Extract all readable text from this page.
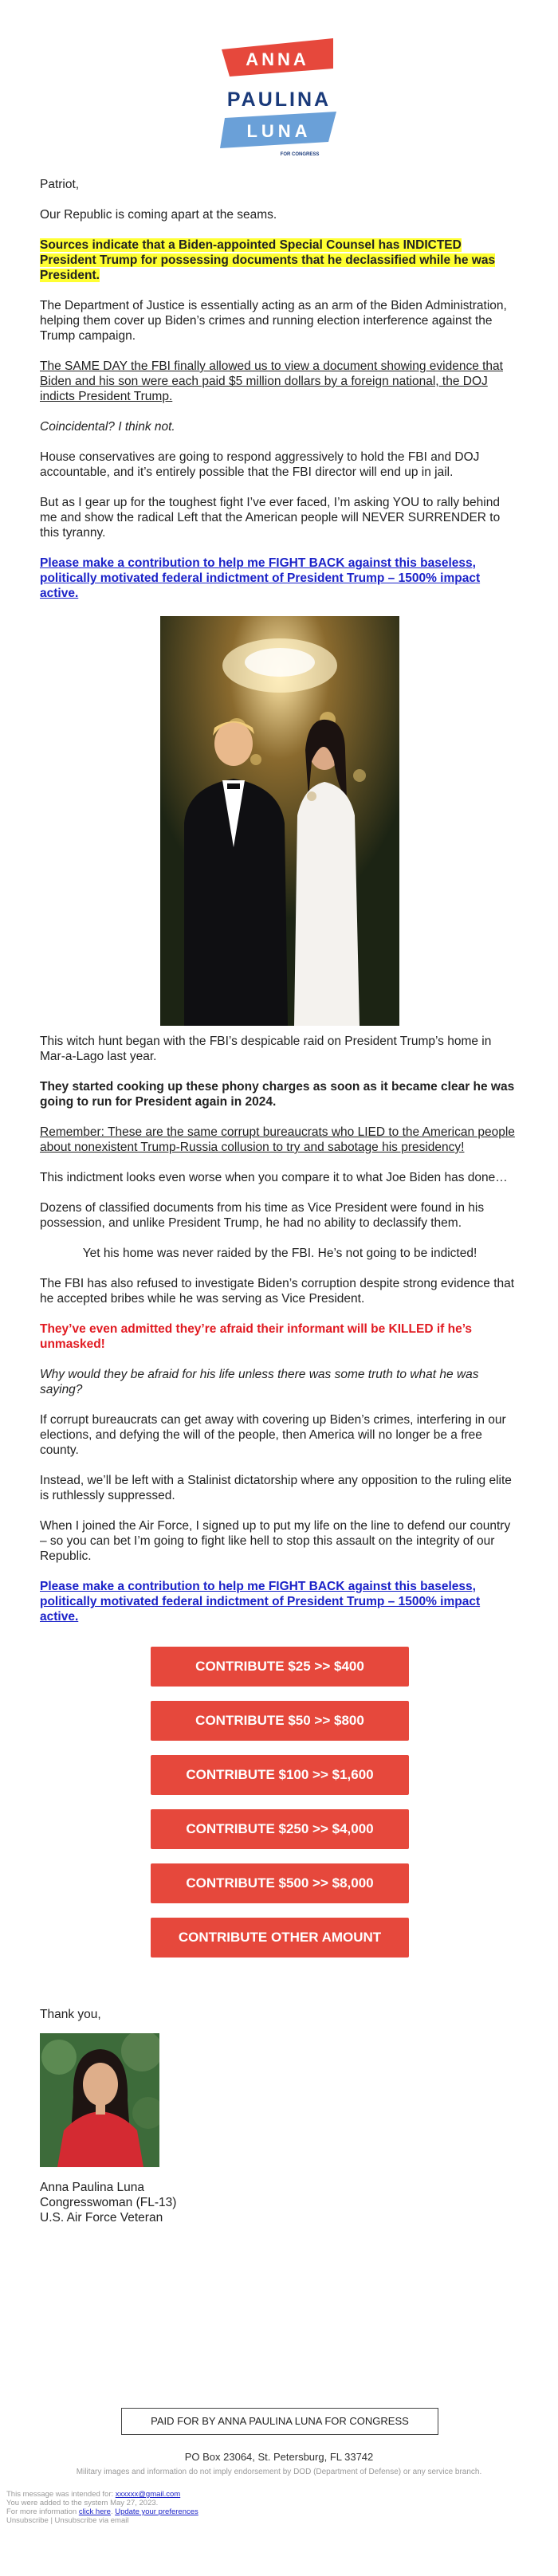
ANNA
PAULINA
LUNA
FOR CONGRESS

Patriot,

Our Republic is coming apart at the seams.

Sources indicate that a Biden-appointed Special Counsel has INDICTED President Trump for possessing documents that he declassified while he was President.

The Department of Justice is essentially acting as an arm of the Biden Administration, helping them cover up Biden’s crimes and running election interference against the Trump campaign.

The SAME DAY the FBI finally allowed us to view a document showing evidence that Biden and his son were each paid $5 million dollars by a foreign national, the DOJ indicts President Trump.

Coincidental? I think not.

House conservatives are going to respond aggressively to hold the FBI and DOJ accountable, and it’s entirely possible that the FBI director will end up in jail.

But as I gear up for the toughest fight I’ve ever faced, I’m asking YOU to rally behind me and show the radical Left that the American people will NEVER SURRENDER to this tyranny.

Please make a contribution to help me FIGHT BACK against this baseless, politically motivated federal indictment of President Trump – 1500% impact active.

This witch hunt began with the FBI’s despicable raid on President Trump’s home in Mar-a-Lago last year.

They started cooking up these phony charges as soon as it became clear he was going to run for President again in 2024.

Remember: These are the same corrupt bureaucrats who LIED to the American people about nonexistent Trump-Russia collusion to try and sabotage his presidency!

This indictment looks even worse when you compare it to what Joe Biden has done…

Dozens of classified documents from his time as Vice President were found in his possession, and unlike President Trump, he had no ability to declassify them.

Yet his home was never raided by the FBI. He’s not going to be indicted!

The FBI has also refused to investigate Biden’s corruption despite strong evidence that he accepted bribes while he was serving as Vice President.

They’ve even admitted they’re afraid their informant will be KILLED if he’s unmasked!

Why would they be afraid for his life unless there was some truth to what he was saying?

If corrupt bureaucrats can get away with covering up Biden’s crimes, interfering in our elections, and defying the will of the people, then America will no longer be a free county.

Instead, we’ll be left with a Stalinist dictatorship where any opposition to the ruling elite is ruthlessly suppressed.

When I joined the Air Force, I signed up to put my life on the line to defend our country – so you can bet I’m going to fight like hell to stop this assault on the integrity of our Republic.

Please make a contribution to help me FIGHT BACK against this baseless, politically motivated federal indictment of President Trump – 1500% impact active.

CONTRIBUTE $25 >> $400
CONTRIBUTE $50 >> $800
CONTRIBUTE $100 >> $1,600
CONTRIBUTE $250 >> $4,000
CONTRIBUTE $500 >> $8,000
CONTRIBUTE OTHER AMOUNT
Thank you,
Anna Paulina Luna
Congresswoman (FL-13)
U.S. Air Force Veteran
PAID FOR BY ANNA PAULINA LUNA FOR CONGRESS
PO Box 23064, St. Petersburg, FL 33742
Military images and information do not imply endorsement by DOD (Department of Defense) or any service branch.
This message was intended for: xxxxxx@gmail.com
You were added to the system May 27, 2023.
For more information click here. Update your preferences
Unsubscribe | Unsubscribe via email
